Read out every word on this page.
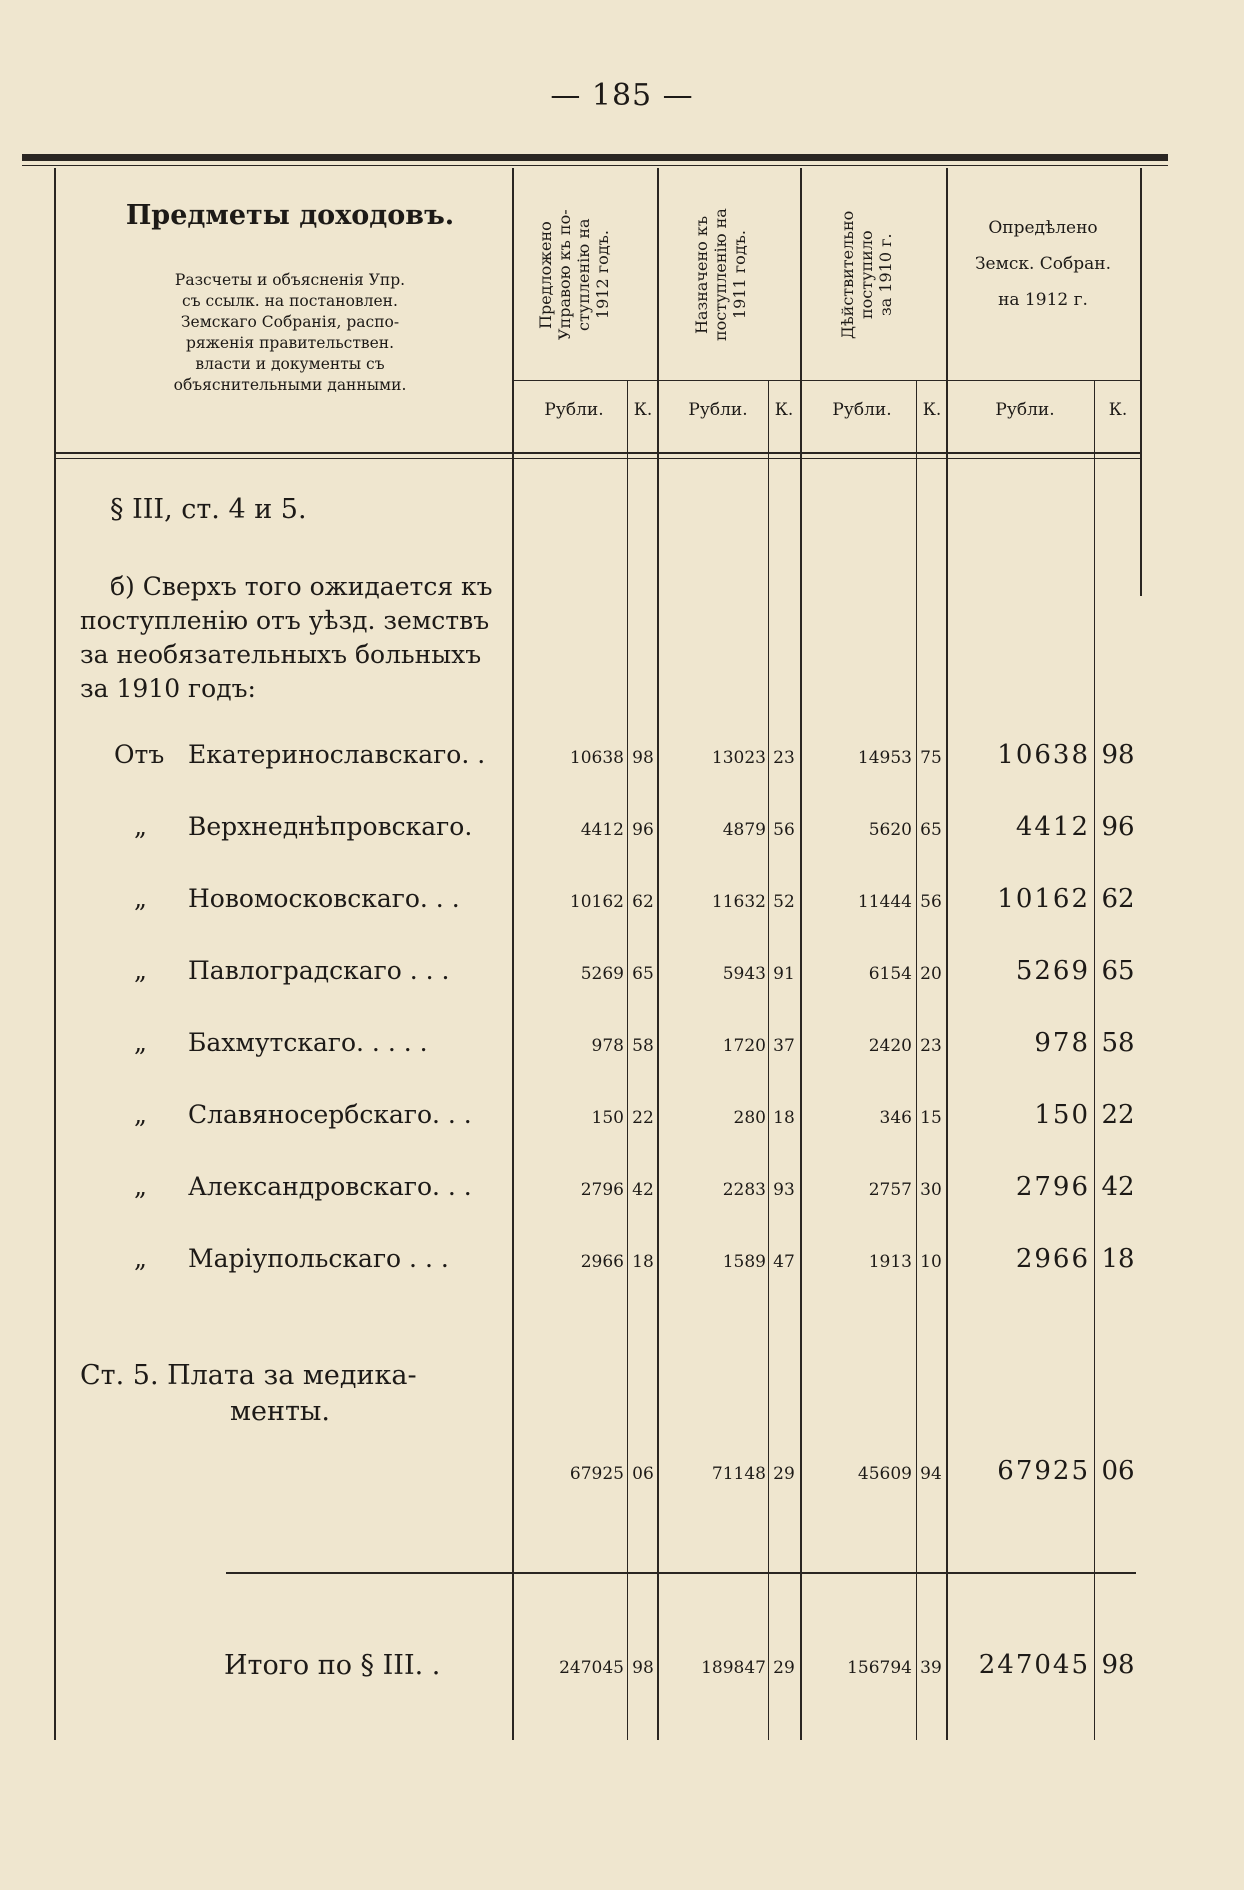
— 185 —
Предметы доходовъ.
Разсчеты и объясненія Упр.
съ ссылк. на постановлен.
Земскаго Собранія, распо-
ряженія правительствен.
власти и документы съ
объяснительными данными.
Предложено Управою къ по- ступленію на 1912 годъ.	Назначено къ поступленію на 1911 годъ.	Дѣйствительно поступило за 1910 г.
Опредѣлено
Земск. Собран.
на 1912 г.
Рубли.	К.	Рубли.	К.	Рубли.	К.	Рубли.	К.
§ III, ст. 4 и 5.
б) Сверхъ того ожидается къ
поступленію отъ уѣзд. земствъ
за необязательныхъ больныхъ
за 1910 годъ:
Отъ Екатеринославскаго. .	10638 98	13023 23	14953 75	10638 98
„ Верхнеднѣпровскаго.	4412 96	4879 56	5620 65	4412 96
„ Новомосковскаго. . .	10162 62	11632 52	11444 56	10162 62
„ Павлоградскаго . . .	5269 65	5943 91	6154 20	5269 65
„ Бахмутскаго. . . . .	978 58	1720 37	2420 23	978 58
„ Славяносербскаго. . .	150 22	280 18	346 15	150 22
„ Александровскаго. . .	2796 42	2283 93	2757 30	2796 42
„ Маріупольскаго . . .	2966 18	1589 47	1913 10	2966 18
Ст. 5. Плата за медика-
менты.
67925 06	71148 29	45609 94	67925 06
Итого по § III. .	247045 98	189847 29	156794 39	247045 98
